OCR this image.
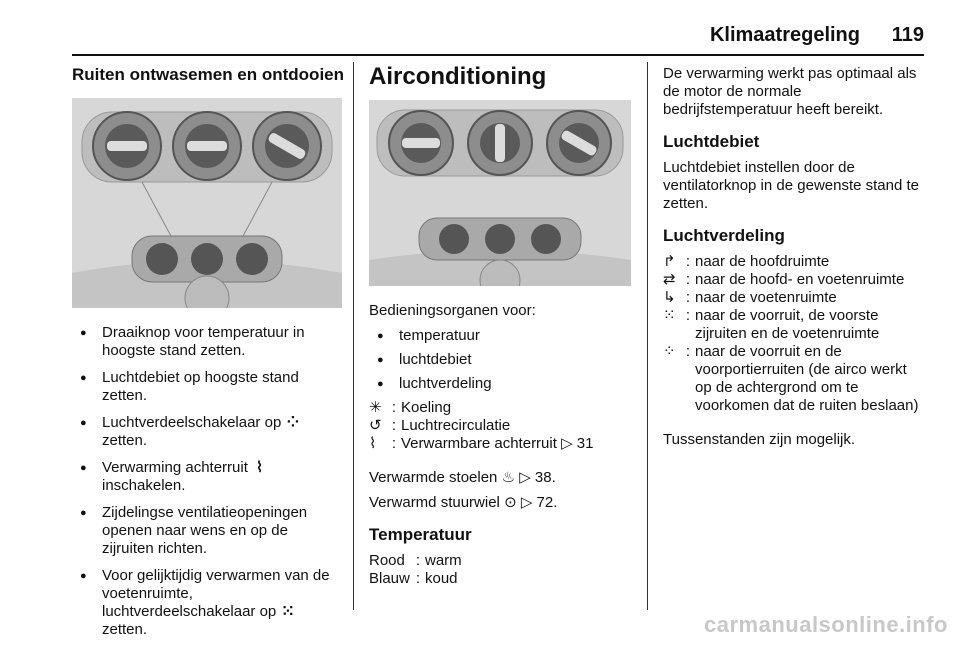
Klimaatregeling	119
Ruiten ontwasemen en ontdooien
● Draaiknop voor temperatuur in hoogste stand zetten.
● Luchtdebiet op hoogste stand zetten.
● Luchtverdeelschakelaar op ⁘ zetten.
● Verwarming achterruit ⌇ inschakelen.
● Zijdelingse ventilatieopeningen openen naar wens en op de zijruiten richten.
● Voor gelijktijdig verwarmen van de voetenruimte, luchtverdeelschakelaar op ⁙ zetten.
Airconditioning

Bedieningsorganen voor:

● temperatuur
● luchtdebiet
● luchtverdeling
✳ : Koeling
↺ : Luchtrecirculatie
⌇	: Verwarmbare achterruit ▷ 31

Verwarmde stoelen ♨ ▷ 38.

Verwarmd stuurwiel ⊙ ▷ 72.

Temperatuur
Rood : warm
Blauw : koud

De verwarming werkt pas optimaal als de motor de normale bedrijfstemperatuur heeft bereikt.

Luchtdebiet

Luchtdebiet instellen door de ventilatorknop in de gewenste stand te zetten.

Luchtverdeling
↱ : naar de hoofdruimte
⇄ : naar de hoofd- en voetenruimte
↳ : naar de voetenruimte
⁙ : naar de voorruit, de voorste zijruiten en de voetenruimte
⁘ : naar de voorruit en de voorportierruiten (de airco werkt op de achtergrond om te voorkomen dat de ruiten beslaan)

Tussenstanden zijn mogelijk.

carmanualsonline.info
